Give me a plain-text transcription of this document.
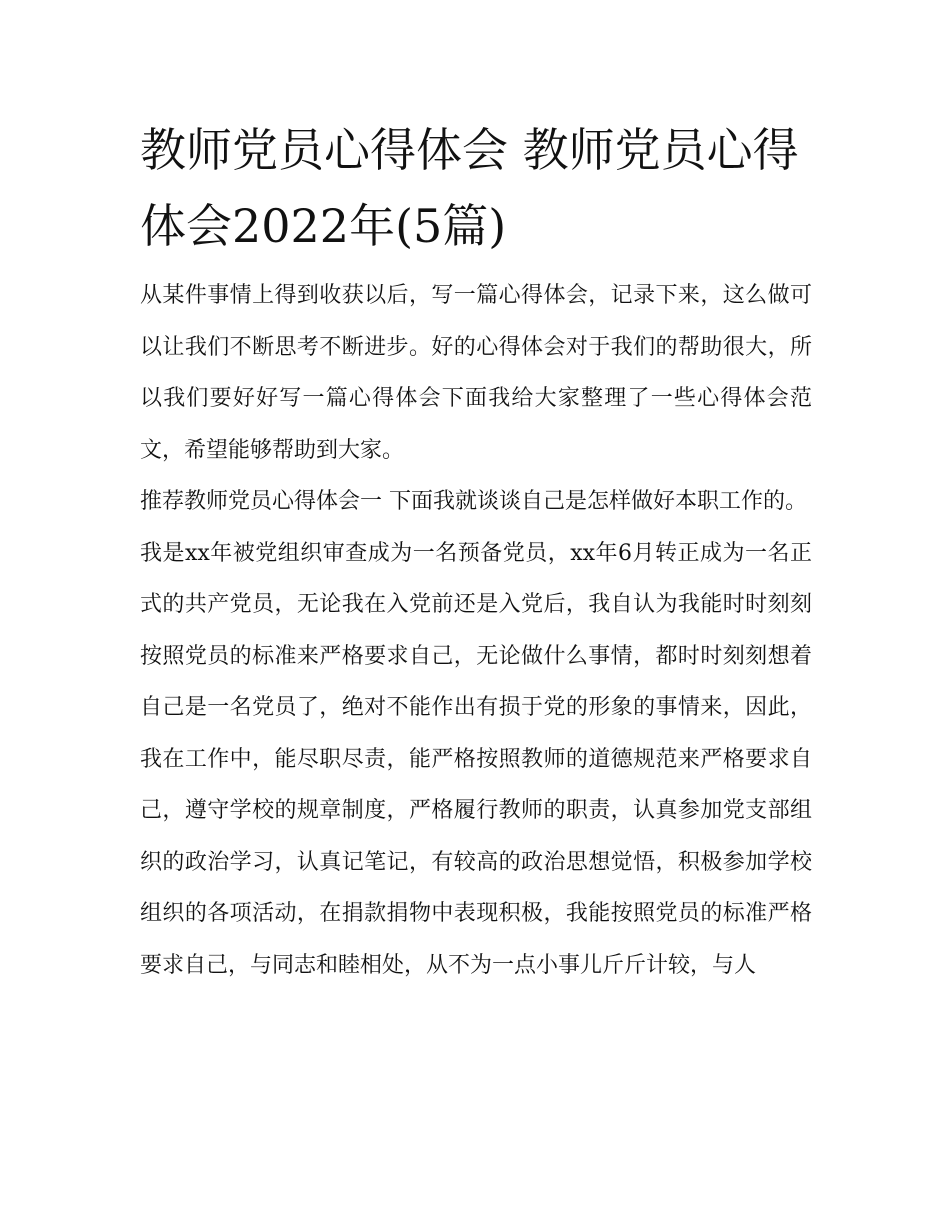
教师党员心得体会 教师党员心得体会2022年(5篇)

从某件事情上得到收获以后，写一篇心得体会，记录下来，这么做可以让我们不断思考不断进步。好的心得体会对于我们的帮助很大，所以我们要好好写一篇心得体会下面我给大家整理了一些心得体会范文，希望能够帮助到大家。

推荐教师党员心得体会一 下面我就谈谈自己是怎样做好本职工作的。

我是xx年被党组织审查成为一名预备党员，xx年6月转正成为一名正式的共产党员，无论我在入党前还是入党后，我自认为我能时时刻刻按照党员的标准来严格要求自己，无论做什么事情，都时时刻刻想着自己是一名党员了，绝对不能作出有损于党的形象的事情来，因此，我在工作中，能尽职尽责，能严格按照教师的道德规范来严格要求自己，遵守学校的规章制度，严格履行教师的职责，认真参加党支部组织的政治学习，认真记笔记，有较高的政治思想觉悟，积极参加学校组织的各项活动，在捐款捐物中表现积极，我能按照党员的标准严格要求自己，与同志和睦相处，从不为一点小事儿斤斤计较，与人
